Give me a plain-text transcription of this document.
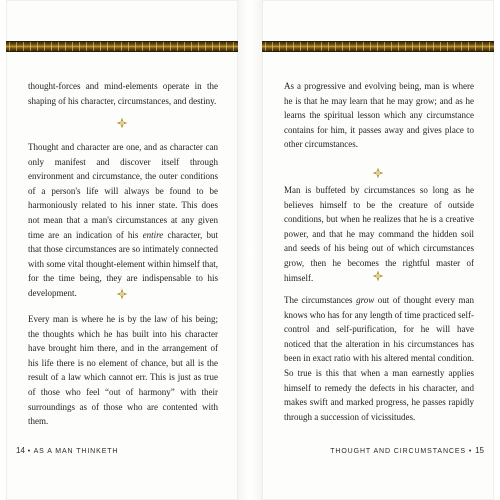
thought-forces and mind-elements operate in the shaping of his character, circumstances, and destiny.

Thought and character are one, and as character can only manifest and discover itself through environment and circumstance, the outer conditions of a person's life will always be found to be harmoniously related to his inner state. This does not mean that a man's circumstances at any given time are an indication of his entire character, but that those circumstances are so intimately connected with some vital thought-element within himself that, for the time being, they are indispensable to his development.

Every man is where he is by the law of his being; the thoughts which he has built into his character have brought him there, and in the arrangement of his life there is no element of chance, but all is the result of a law which cannot err. This is just as true of those who feel “out of harmony” with their surroundings as of those who are contented with them.

14 • AS A MAN THINKETH

As a progressive and evolving being, man is where he is that he may learn that he may grow; and as he learns the spiritual lesson which any circumstance contains for him, it passes away and gives place to other circumstances.

Man is buffeted by circumstances so long as he believes himself to be the creature of outside conditions, but when he realizes that he is a creative power, and that he may command the hidden soil and seeds of his being out of which circumstances grow, then he becomes the rightful master of himself.

The circumstances grow out of thought every man knows who has for any length of time practiced self-control and self-purification, for he will have noticed that the alteration in his circumstances has been in exact ratio with his altered mental condition. So true is this that when a man earnestly applies himself to remedy the defects in his character, and makes swift and marked progress, he passes rapidly through a succession of vicissitudes.

THOUGHT AND CIRCUMSTANCES • 15
